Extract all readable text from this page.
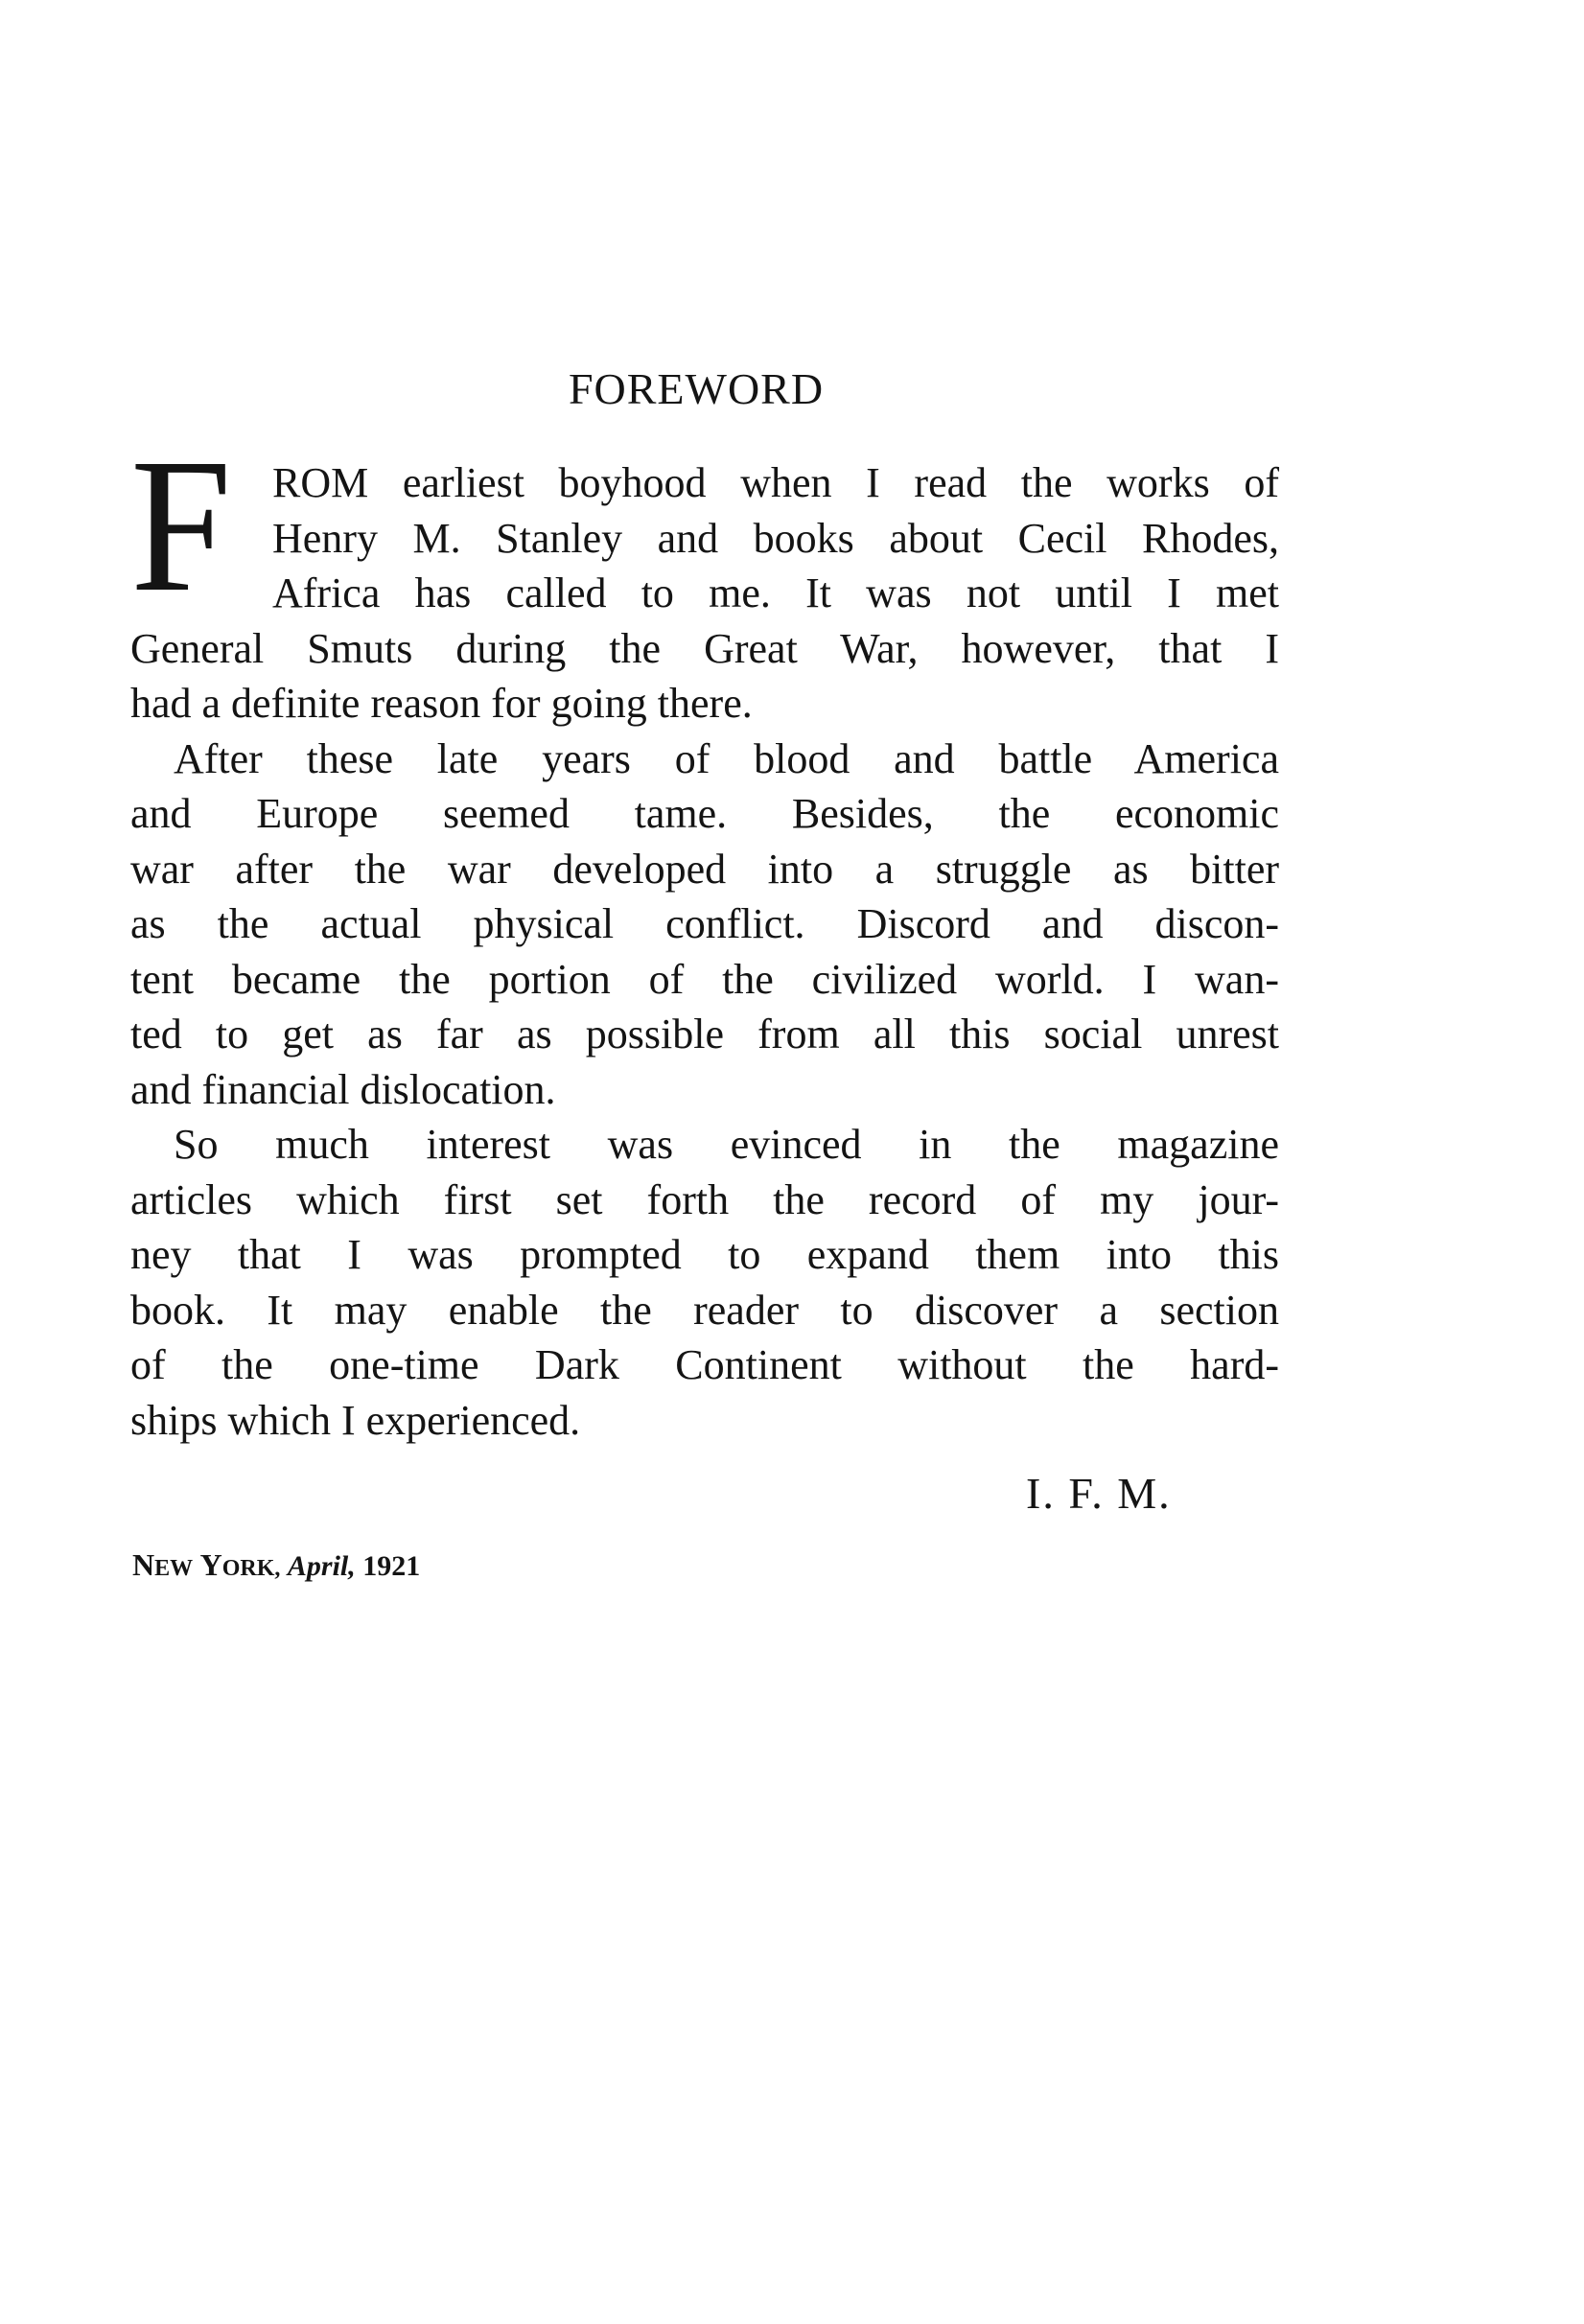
FOREWORD
F ROM earliest boyhood when I read the works of
Henry M. Stanley and books about Cecil Rhodes,
Africa has called to me. It was not until I met
General Smuts during the Great War, however, that I
had a definite reason for going there.
After these late years of blood and battle America
and Europe seemed tame. Besides, the economic
war after the war developed into a struggle as bitter
as the actual physical conflict. Discord and discon-
tent became the portion of the civilized world. I wan-
ted to get as far as possible from all this social unrest
and financial dislocation.
So much interest was evinced in the magazine
articles which first set forth the record of my jour-
ney that I was prompted to expand them into this
book. It may enable the reader to discover a section
of the one-time Dark Continent without the hard-
ships which I experienced.
I. F. M.
NEW YORK, April, 1921
